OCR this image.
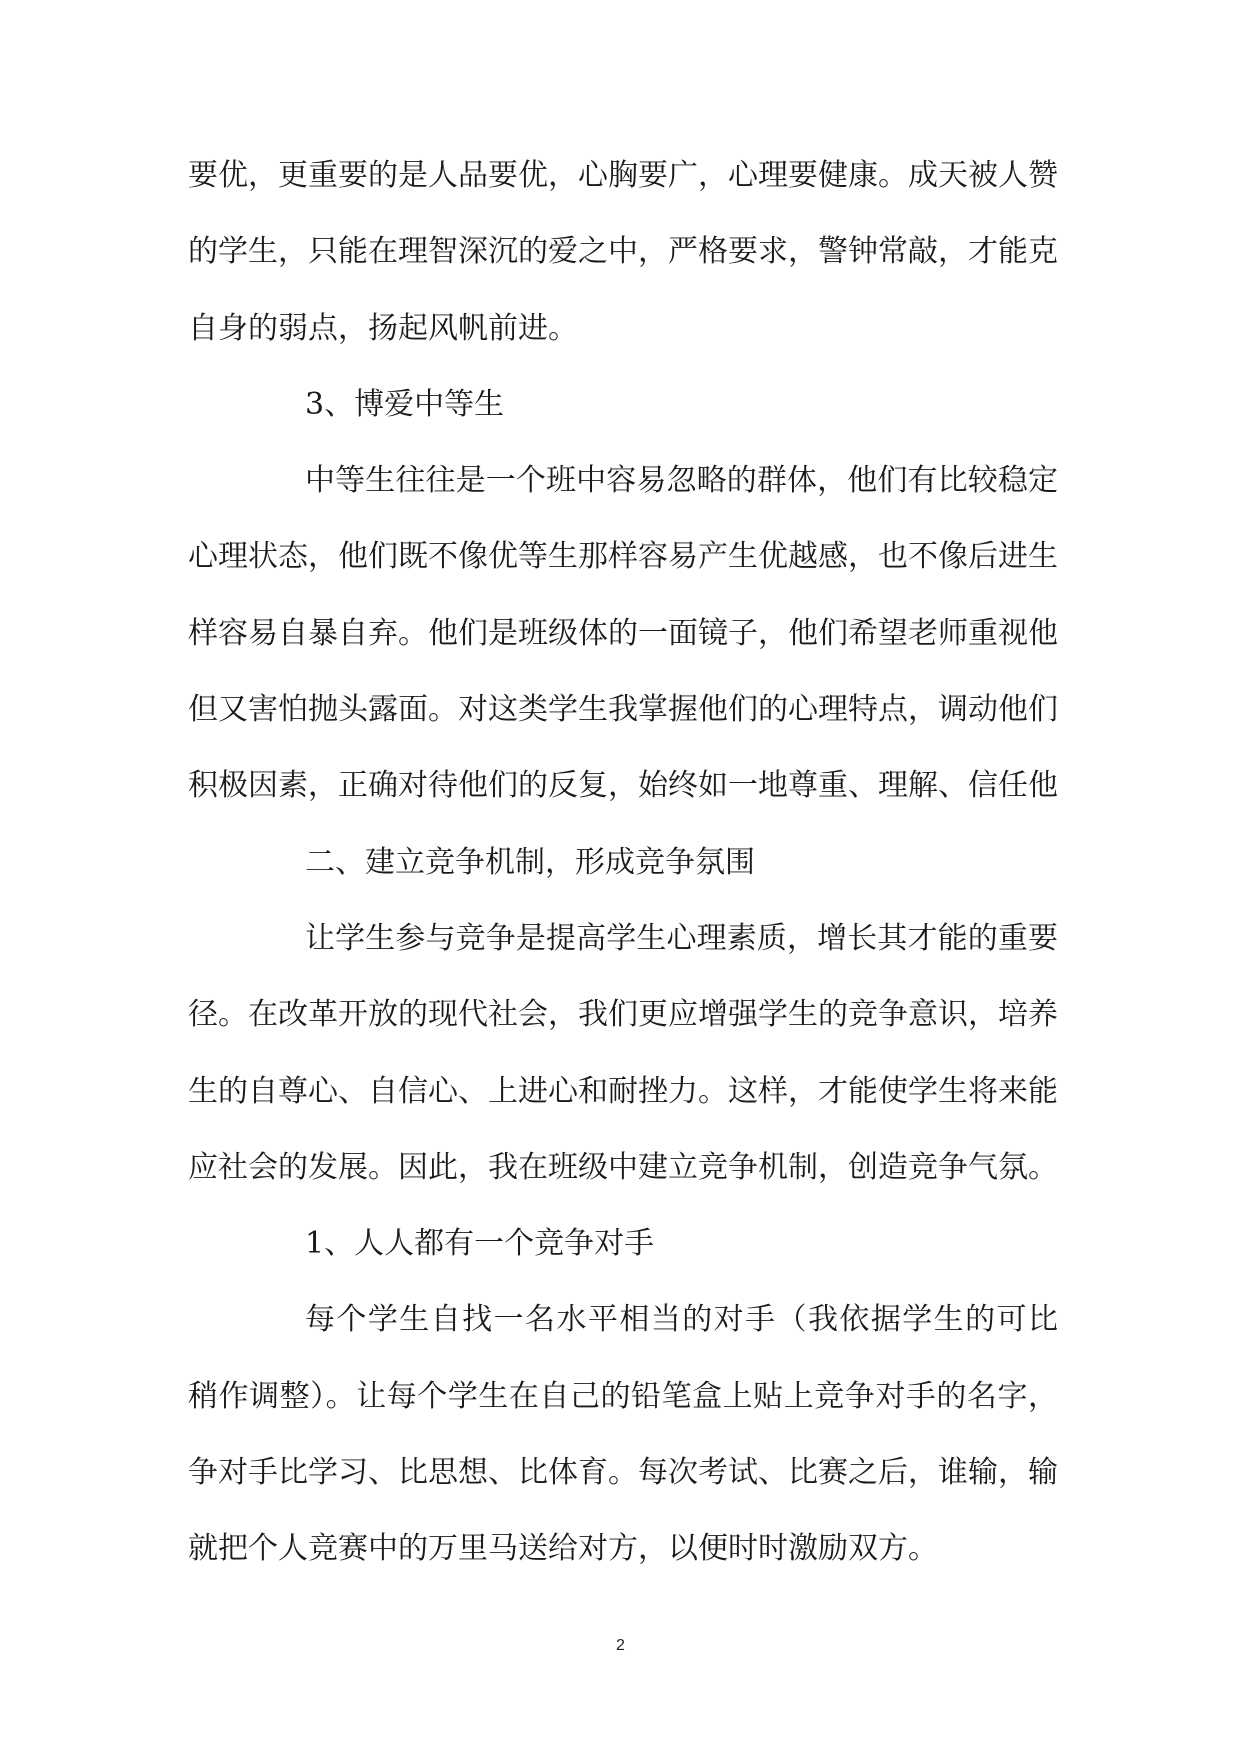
要优，更重要的是人品要优，心胸要广，心理要健康。成天被人赞
的学生，只能在理智深沉的爱之中，严格要求，警钟常敲，才能克
自身的弱点，扬起风帆前进。
3、博爱中等生
中等生往往是一个班中容易忽略的群体，他们有比较稳定
心理状态，他们既不像优等生那样容易产生优越感，也不像后进生
样容易自暴自弃。他们是班级体的一面镜子，他们希望老师重视他
但又害怕抛头露面。对这类学生我掌握他们的心理特点，调动他们
积极因素，正确对待他们的反复，始终如一地尊重、理解、信任他
二、建立竞争机制，形成竞争氛围
让学生参与竞争是提高学生心理素质，增长其才能的重要
径。在改革开放的现代社会，我们更应增强学生的竞争意识，培养
生的自尊心、自信心、上进心和耐挫力。这样，才能使学生将来能
应社会的发展。因此，我在班级中建立竞争机制，创造竞争气氛。
1、人人都有一个竞争对手
每个学生自找一名水平相当的对手（我依据学生的可比
稍作调整）。让每个学生在自己的铅笔盒上贴上竞争对手的名字，
争对手比学习、比思想、比体育。每次考试、比赛之后，谁输，输
就把个人竞赛中的万里马送给对方，以便时时激励双方。
2
